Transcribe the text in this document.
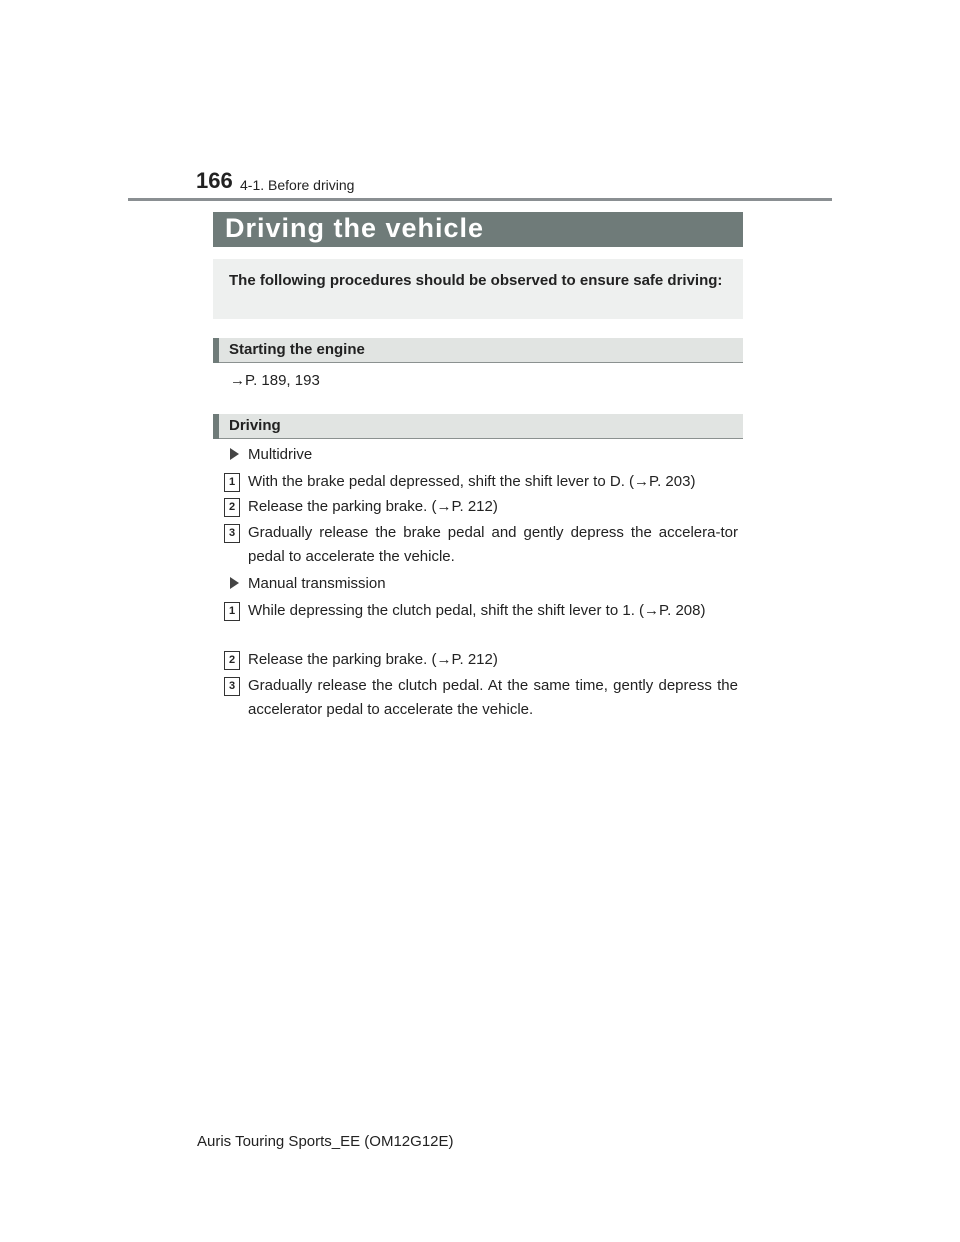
166 4-1. Before driving
Driving the vehicle
The following procedures should be observed to ensure safe driving:
Starting the engine
→P. 189, 193
Driving
Multidrive
1 With the brake pedal depressed, shift the shift lever to D. (→P. 203)
2 Release the parking brake. (→P. 212)
3 Gradually release the brake pedal and gently depress the accelera-tor pedal to accelerate the vehicle.
Manual transmission
1 While depressing the clutch pedal, shift the shift lever to 1. (→P. 208)
2 Release the parking brake. (→P. 212)
3 Gradually release the clutch pedal. At the same time, gently depress the accelerator pedal to accelerate the vehicle.
Auris Touring Sports_EE (OM12G12E)
